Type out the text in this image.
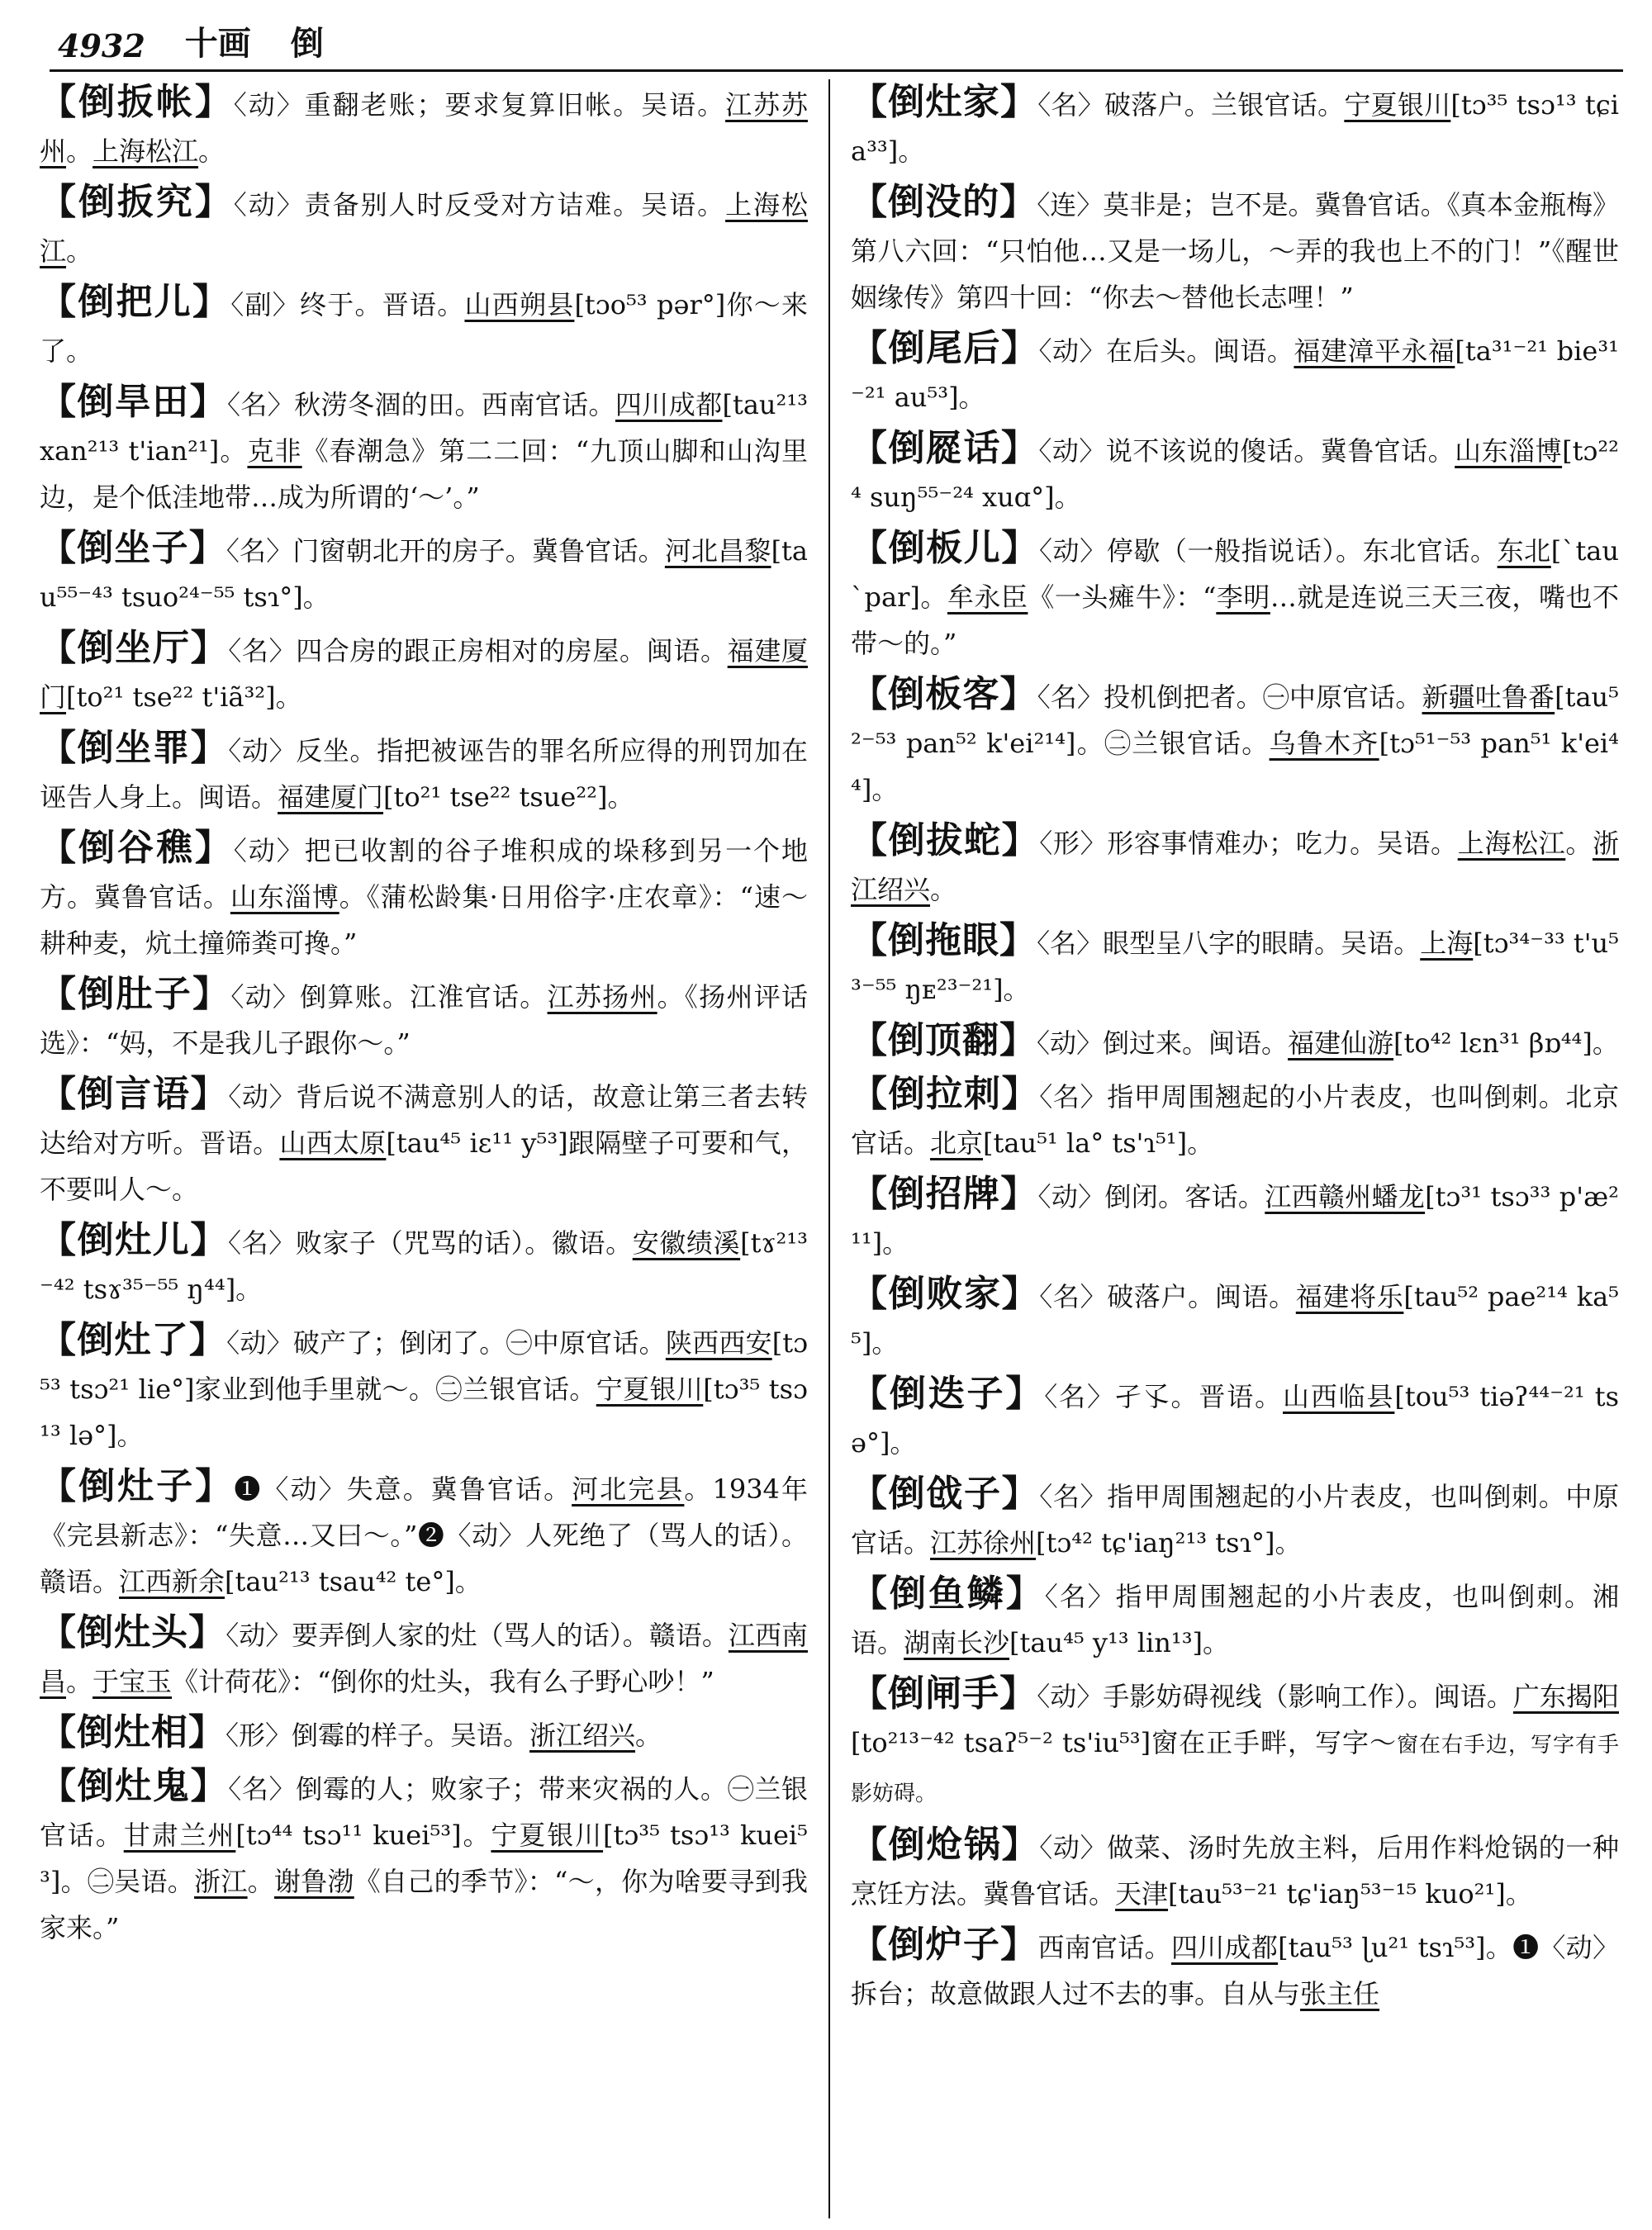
4932 十画 倒

【倒扳帐】〈动〉重翻老账；要求复算旧帐。吴语。江苏苏州。上海松江。

【倒扳究】〈动〉责备别人时反受对方诘难。吴语。上海松江。

【倒把儿】〈副〉终于。晋语。山西朔县[tɔo⁵³ pər°]你～来了。

【倒旱田】〈名〉秋涝冬涸的田。西南官话。四川成都[tau²¹³ xan²¹³ t'ian²¹]。克非《春潮急》第二二回：“九顶山脚和山沟里边，是个低洼地带…成为所谓的‘～’。”

【倒坐子】〈名〉门窗朝北开的房子。冀鲁官话。河北昌黎[tau⁵⁵⁻⁴³ tsuo²⁴⁻⁵⁵ tsɿ°]。

【倒坐厅】〈名〉四合房的跟正房相对的房屋。闽语。福建厦门[to²¹ tse²² t'iã³²]。

【倒坐罪】〈动〉反坐。指把被诬告的罪名所应得的刑罚加在诬告人身上。闽语。福建厦门[to²¹ tse²² tsue²²]。

【倒谷穛】〈动〉把已收割的谷子堆积成的垛移到另一个地方。冀鲁官话。山东淄博。《蒲松龄集·日用俗字·庄农章》：“速～耕种麦，炕土撞筛粪可搀。”

【倒肚子】〈动〉倒算账。江淮官话。江苏扬州。《扬州评话选》：“妈，不是我儿子跟你～。”

【倒言语】〈动〉背后说不满意别人的话，故意让第三者去转达给对方听。晋语。山西太原[tau⁴⁵ iɛ¹¹ y⁵³]跟隔壁子可要和气，不要叫人～。

【倒灶儿】〈名〉败家子（咒骂的话）。徽语。安徽绩溪[tɤ²¹³⁻⁴² tsɤ³⁵⁻⁵⁵ ŋ⁴⁴]。

【倒灶了】〈动〉破产了；倒闭了。㊀中原官话。陕西西安[tɔ⁵³ tsɔ²¹ lie°]家业到他手里就～。㊁兰银官话。宁夏银川[tɔ³⁵ tsɔ¹³ lə°]。

【倒灶子】❶〈动〉失意。冀鲁官话。河北完县。1934年《完县新志》：“失意…又曰～。”❷〈动〉人死绝了（骂人的话）。赣语。江西新余[tau²¹³ tsau⁴² te°]。

【倒灶头】〈动〉要弄倒人家的灶（骂人的话）。赣语。江西南昌。于宝玉《计荷花》：“倒你的灶头，我有么子野心吵！”

【倒灶相】〈形〉倒霉的样子。吴语。浙江绍兴。

【倒灶鬼】〈名〉倒霉的人；败家子；带来灾祸的人。㊀兰银官话。甘肃兰州[tɔ⁴⁴ tsɔ¹¹ kuei⁵³]。宁夏银川[tɔ³⁵ tsɔ¹³ kuei⁵³]。㊁吴语。浙江。谢鲁渤《自己的季节》：“～，你为啥要寻到我家来。”

【倒灶家】〈名〉破落户。兰银官话。宁夏银川[tɔ³⁵ tsɔ¹³ tɕia³³]。

【倒没的】〈连〉莫非是；岂不是。冀鲁官话。《真本金瓶梅》第八六回：“只怕他…又是一场儿，～弄的我也上不的门！”《醒世姻缘传》第四十回：“你去～替他长志哩！”

【倒尾后】〈动〉在后头。闽语。福建漳平永福[ta³¹⁻²¹ bie³¹⁻²¹ au⁵³]。

【倒㞞话】〈动〉说不该说的傻话。冀鲁官话。山东淄博[tɔ²²⁴ suŋ⁵⁵⁻²⁴ xuɑ°]。

【倒板儿】〈动〉停歇（一般指说话）。东北官话。东北[ˋtau ˋpar]。牟永臣《一头瘫牛》：“李明…就是连说三天三夜，嘴也不带～的。”

【倒板客】〈名〉投机倒把者。㊀中原官话。新疆吐鲁番[tau⁵²⁻⁵³ pan⁵² k'ei²¹⁴]。㊁兰银官话。乌鲁木齐[tɔ⁵¹⁻⁵³ pan⁵¹ k'ei⁴⁴]。

【倒拔蛇】〈形〉形容事情难办；吃力。吴语。上海松江。浙江绍兴。

【倒拖眼】〈名〉眼型呈八字的眼睛。吴语。上海[tɔ³⁴⁻³³ t'u⁵³⁻⁵⁵ ŋᴇ²³⁻²¹]。

【倒顶翻】〈动〉倒过来。闽语。福建仙游[to⁴² lɛn³¹ βɒ⁴⁴]。

【倒拉刺】〈名〉指甲周围翘起的小片表皮，也叫倒刺。北京官话。北京[tau⁵¹ la° ts'ɿ⁵¹]。

【倒招牌】〈动〉倒闭。客话。江西赣州蟠龙[tɔ³¹ tsɔ³³ p'æ²¹¹]。

【倒败家】〈名〉破落户。闽语。福建将乐[tau⁵² pae²¹⁴ ka⁵⁵]。

【倒迭子】〈名〉孑孓。晋语。山西临县[tou⁵³ tiəʔ⁴⁴⁻²¹ tsə°]。

【倒戗子】〈名〉指甲周围翘起的小片表皮，也叫倒刺。中原官话。江苏徐州[tɔ⁴² tɕ'iaŋ²¹³ tsɿ°]。

【倒鱼鳞】〈名〉指甲周围翘起的小片表皮，也叫倒刺。湘语。湖南长沙[tau⁴⁵ y¹³ lin¹³]。

【倒闸手】〈动〉手影妨碍视线（影响工作）。闽语。广东揭阳[to²¹³⁻⁴² tsaʔ⁵⁻² ts'iu⁵³]窗在正手畔，写字～窗在右手边，写字有手影妨碍。

【倒炝锅】〈动〉做菜、汤时先放主料，后用作料炝锅的一种烹饪方法。冀鲁官话。天津[tau⁵³⁻²¹ tɕ'iaŋ⁵³⁻¹⁵ kuo²¹]。

【倒炉子】西南官话。四川成都[tau⁵³ ɭu²¹ tsɿ⁵³]。❶〈动〉拆台；故意做跟人过不去的事。自从与张主任
